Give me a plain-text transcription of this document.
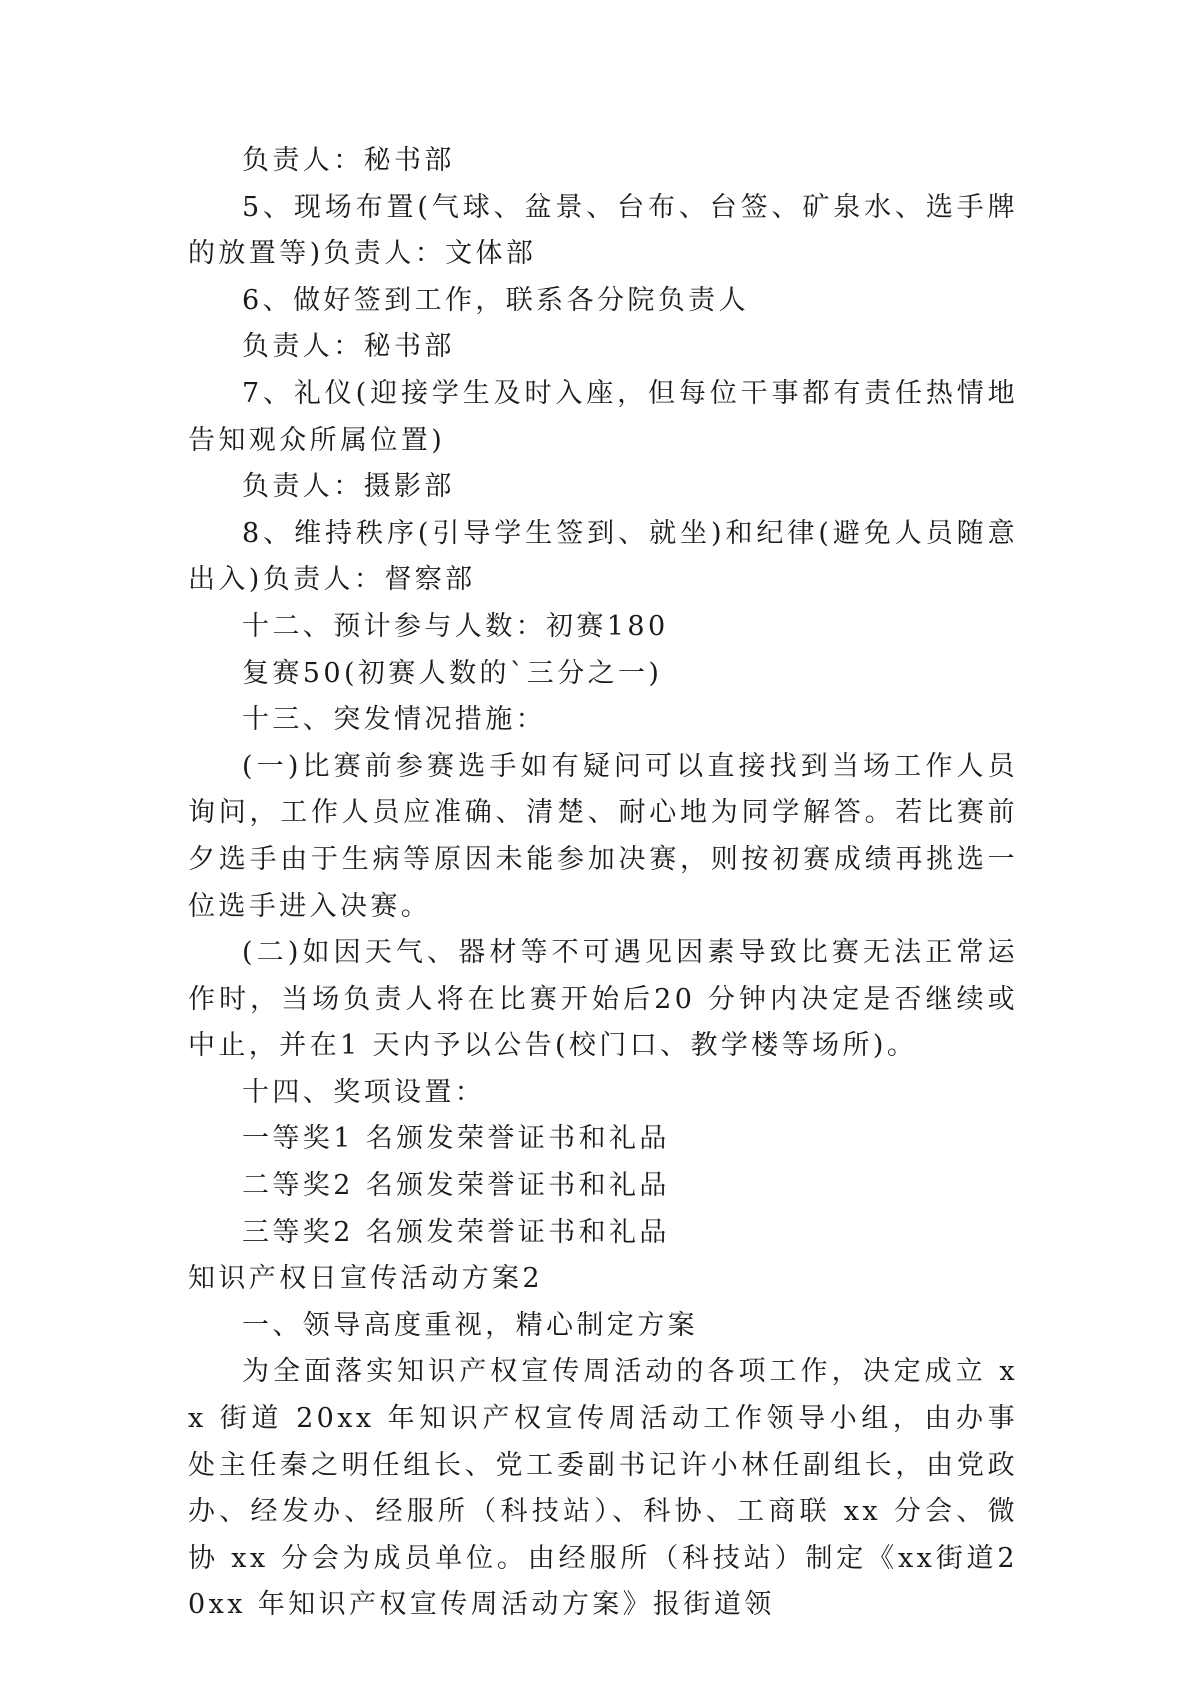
负责人：秘书部

5、现场布置(气球、盆景、台布、台签、矿泉水、选手牌的放置等)负责人：文体部

6、做好签到工作，联系各分院负责人

负责人：秘书部

7、礼仪(迎接学生及时入座，但每位干事都有责任热情地告知观众所属位置)

负责人：摄影部

8、维持秩序(引导学生签到、就坐)和纪律(避免人员随意出入)负责人：督察部

十二、预计参与人数：初赛180

复赛50(初赛人数的`三分之一)

十三、突发情况措施：

(一)比赛前参赛选手如有疑问可以直接找到当场工作人员询问，工作人员应准确、清楚、耐心地为同学解答。若比赛前夕选手由于生病等原因未能参加决赛，则按初赛成绩再挑选一位选手进入决赛。

(二)如因天气、器材等不可遇见因素导致比赛无法正常运作时，当场负责人将在比赛开始后20 分钟内决定是否继续或中止，并在1 天内予以公告(校门口、教学楼等场所)。

十四、奖项设置：

一等奖1 名颁发荣誉证书和礼品

二等奖2 名颁发荣誉证书和礼品

三等奖2 名颁发荣誉证书和礼品

知识产权日宣传活动方案2

一、领导高度重视，精心制定方案

为全面落实知识产权宣传周活动的各项工作，决定成立 xx 街道 20xx 年知识产权宣传周活动工作领导小组，由办事处主任秦之明任组长、党工委副书记许小林任副组长，由党政办、经发办、经服所（科技站）、科协、工商联 xx 分会、微协 xx 分会为成员单位。由经服所（科技站）制定《xx街道20xx 年知识产权宣传周活动方案》报街道领
